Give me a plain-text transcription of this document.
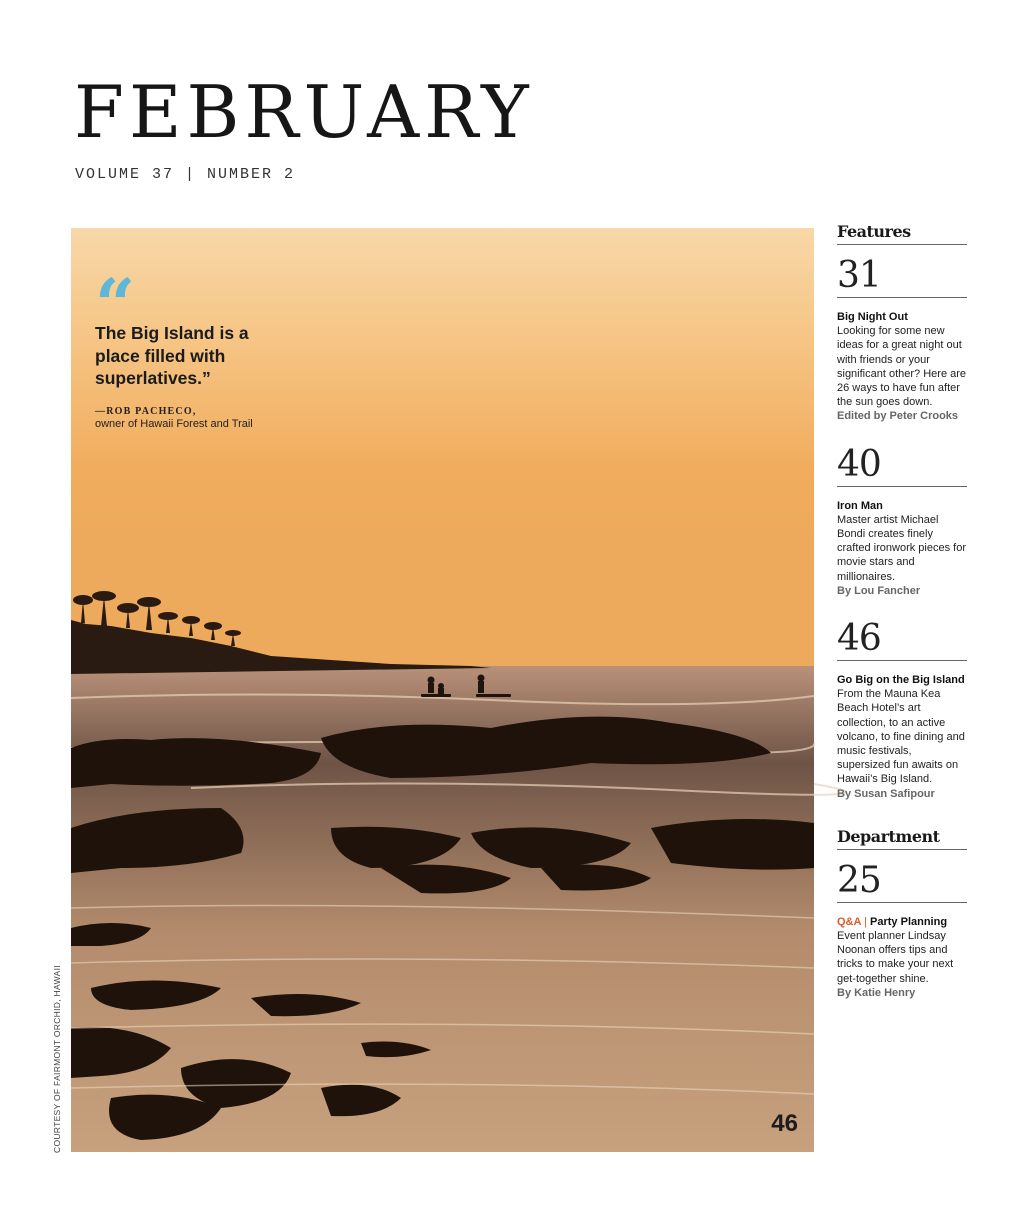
FEBRUARY
VOLUME 37 | NUMBER 2
“
The Big Island is a place filled with superlatives.”
—ROB PACHECO,
owner of Hawaii Forest and Trail
46
COURTESY OF FAIRMONT ORCHID, HAWAII
Features
31
Big Night Out
Looking for some new ideas for a great night out with friends or your significant other? Here are 26 ways to have fun after the sun goes down.
Edited by Peter Crooks
40
Iron Man
Master artist Michael Bondi creates finely crafted ironwork pieces for movie stars and millionaires.
By Lou Fancher
46
Go Big on the Big Island
From the Mauna Kea Beach Hotel’s art collection, to an active volcano, to fine dining and music festivals, supersized fun awaits on Hawaii’s Big Island.
By Susan Safipour
Department
25
Q&A | Party Planning
Event planner Lindsay Noonan offers tips and tricks to make your next get-together shine.
By Katie Henry
